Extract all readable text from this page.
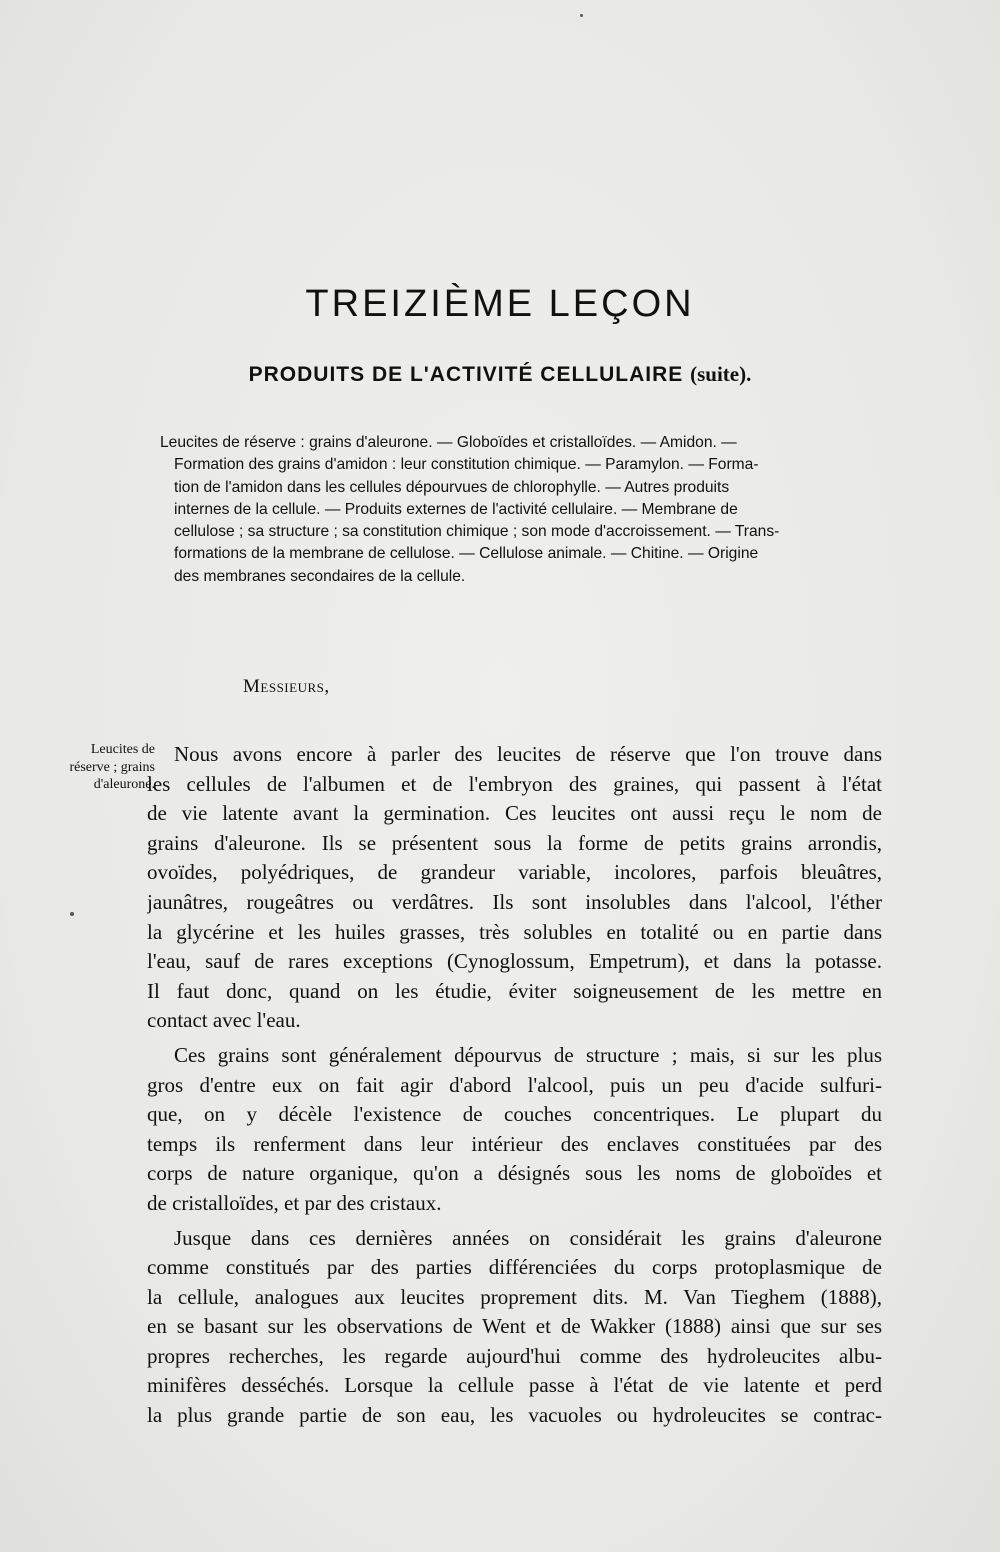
TREIZIÈME LEÇON
PRODUITS DE L'ACTIVITÉ CELLULAIRE (suite).

Leucites de réserve : grains d'aleurone. — Globoïdes et cristalloïdes. — Amidon. —
Formation des grains d'amidon : leur constitution chimique. — Paramylon. — Forma-
tion de l'amidon dans les cellules dépourvues de chlorophylle. — Autres produits
internes de la cellule. — Produits externes de l'activité cellulaire. — Membrane de
cellulose ; sa structure ; sa constitution chimique ; son mode d'accroissement. — Trans-
formations de la membrane de cellulose. — Cellulose animale. — Chitine. — Origine
des membranes secondaires de la cellule.

Messieurs,

Leucites de
réserve ; grains
d'aleurone.

Nous avons encore à parler des leucites de réserve que l'on trouve dans
les cellules de l'albumen et de l'embryon des graines, qui passent à l'état
de vie latente avant la germination. Ces leucites ont aussi reçu le nom de
grains d'aleurone. Ils se présentent sous la forme de petits grains arrondis,
ovoïdes, polyédriques, de grandeur variable, incolores, parfois bleuâtres,
jaunâtres, rougeâtres ou verdâtres. Ils sont insolubles dans l'alcool, l'éther
la glycérine et les huiles grasses, très solubles en totalité ou en partie dans
l'eau, sauf de rares exceptions (Cynoglossum, Empetrum), et dans la potasse.
Il faut donc, quand on les étudie, éviter soigneusement de les mettre en
contact avec l'eau.
Ces grains sont généralement dépourvus de structure ; mais, si sur les plus
gros d'entre eux on fait agir d'abord l'alcool, puis un peu d'acide sulfuri-
que, on y décèle l'existence de couches concentriques. Le plupart du
temps ils renferment dans leur intérieur des enclaves constituées par des
corps de nature organique, qu'on a désignés sous les noms de globoïdes et
de cristalloïdes, et par des cristaux.
Jusque dans ces dernières années on considérait les grains d'aleurone
comme constitués par des parties différenciées du corps protoplasmique de
la cellule, analogues aux leucites proprement dits. M. Van Tieghem (1888),
en se basant sur les observations de Went et de Wakker (1888) ainsi que sur ses
propres recherches, les regarde aujourd'hui comme des hydroleucites albu-
minifères desséchés. Lorsque la cellule passe à l'état de vie latente et perd
la plus grande partie de son eau, les vacuoles ou hydroleucites se contrac-
